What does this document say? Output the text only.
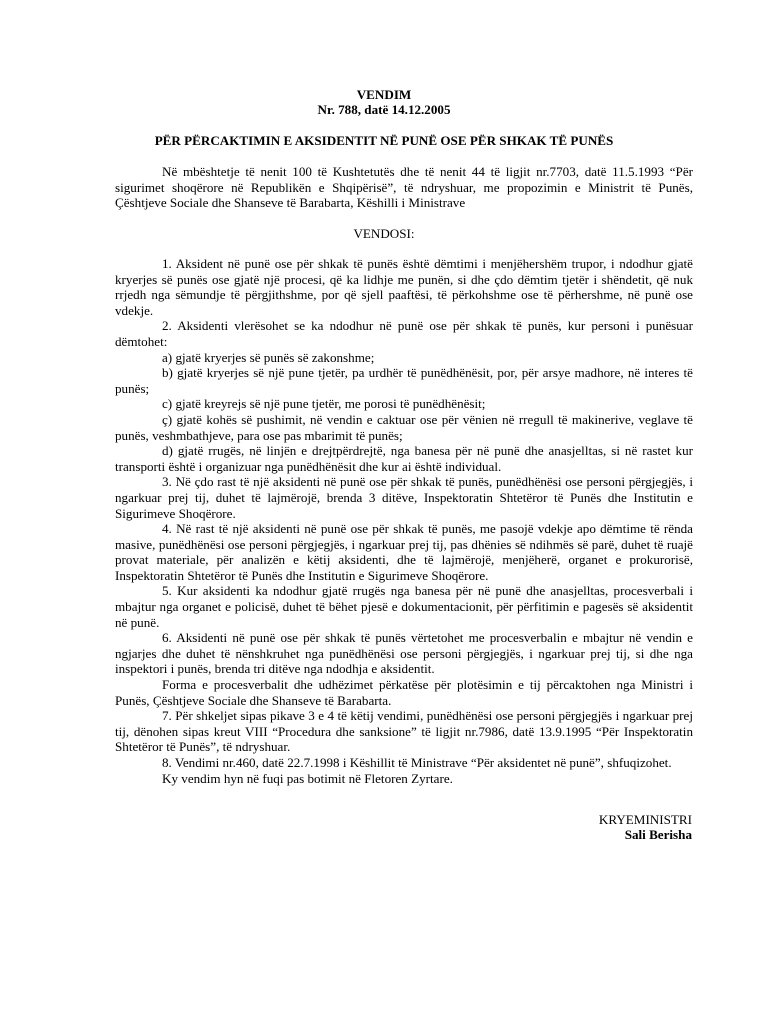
VENDIM

Nr. 788, datë 14.12.2005

PËR PËRCAKTIMIN E AKSIDENTIT NË PUNË OSE PËR SHKAK TË PUNËS

Në mbështetje të nenit 100 të Kushtetutës dhe të nenit 44 të ligjit nr.7703, datë 11.5.1993 “Për sigurimet shoqërore në Republikën e Shqipërisë”, të ndryshuar, me propozimin e Ministrit të Punës, Çështjeve Sociale dhe Shanseve të Barabarta, Këshilli i Ministrave

VENDOSI:

1. Aksident në punë ose për shkak të punës është dëmtimi i menjëhershëm trupor, i ndodhur gjatë kryerjes së punës ose gjatë një procesi, që ka lidhje me punën, si dhe çdo dëmtim tjetër i shëndetit, që nuk rrjedh nga sëmundje të përgjithshme, por që sjell paaftësi, të përkohshme ose të përhershme, në punë ose vdekje.

2. Aksidenti vlerësohet se ka ndodhur në punë ose për shkak të punës, kur personi i punësuar dëmtohet:

a) gjatë kryerjes së punës së zakonshme;

b) gjatë kryerjes së një pune tjetër, pa urdhër të punëdhënësit, por, për arsye madhore, në interes të punës;

c) gjatë kreyrejs së një pune tjetër, me porosi të punëdhënësit;

ç) gjatë kohës së pushimit, në vendin e caktuar ose për vënien në rregull të makinerive, veglave të punës, veshmbathjeve, para ose pas mbarimit të punës;

d) gjatë rrugës, në linjën e drejtpërdrejtë, nga banesa për në punë dhe anasjelltas, si në rastet kur transporti është i organizuar nga punëdhënësit dhe kur ai është individual.

3. Në çdo rast të një aksidenti në punë ose për shkak të punës, punëdhënësi ose personi përgjegjës, i ngarkuar prej tij, duhet të lajmërojë, brenda 3 ditëve, Inspektoratin Shtetëror të Punës dhe Institutin e Sigurimeve Shoqërore.

4. Në rast të një aksidenti në punë ose për shkak të punës, me pasojë vdekje apo dëmtime të rënda masive, punëdhënësi ose personi përgjegjës, i ngarkuar prej tij, pas dhënies së ndihmës së parë, duhet të ruajë provat materiale, për analizën e këtij aksidenti, dhe të lajmërojë, menjëherë, organet e prokurorisë, Inspektoratin Shtetëror të Punës dhe Institutin e Sigurimeve Shoqërore.

5. Kur aksidenti ka ndodhur gjatë rrugës nga banesa për në punë dhe anasjelltas, procesverbali i mbajtur nga organet e policisë, duhet të bëhet pjesë e dokumentacionit, për përfitimin e pagesës së aksidentit në punë.

6. Aksidenti në punë ose për shkak të punës vërtetohet me procesverbalin e mbajtur në vendin e ngjarjes dhe duhet të nënshkruhet nga punëdhënësi ose personi përgjegjës, i ngarkuar prej tij, si dhe nga inspektori i punës, brenda tri ditëve nga ndodhja e aksidentit.

Forma e procesverbalit dhe udhëzimet përkatëse për plotësimin e tij përcaktohen nga Ministri i Punës, Çështjeve Sociale dhe Shanseve të Barabarta.

7. Për shkeljet sipas pikave 3 e 4 të këtij vendimi, punëdhënësi ose personi përgjegjës i ngarkuar prej tij, dënohen sipas kreut VIII “Procedura dhe sanksione” të ligjit nr.7986, datë 13.9.1995 “Për Inspektoratin Shtetëror të Punës”, të ndryshuar.

8. Vendimi nr.460, datë 22.7.1998 i Këshillit të Ministrave “Për aksidentet në punë”, shfuqizohet.

Ky vendim hyn në fuqi pas botimit në Fletoren Zyrtare.

KRYEMINISTRI

Sali Berisha
